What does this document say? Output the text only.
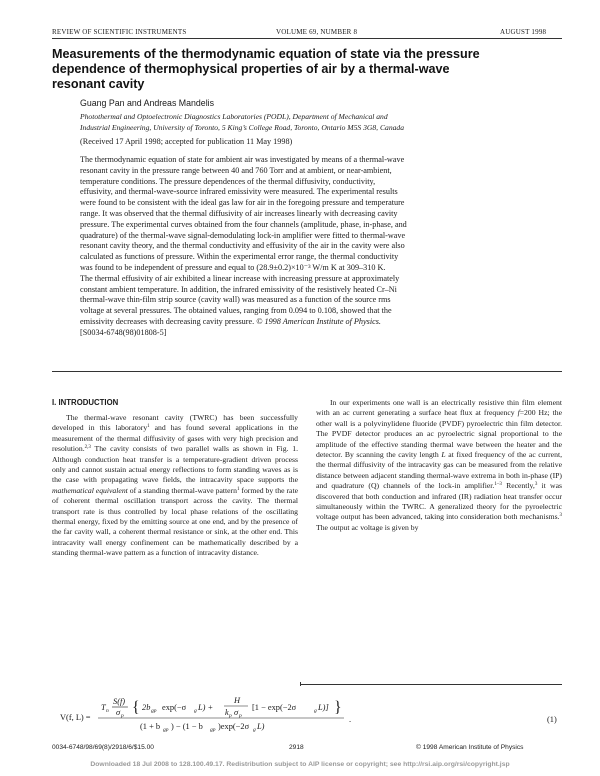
REVIEW OF SCIENTIFIC INSTRUMENTS	VOLUME 69, NUMBER 8	AUGUST 1998
Measurements of the thermodynamic equation of state via the pressure
dependence of thermophysical properties of air by a thermal-wave
resonant cavity
Guang Pan and Andreas Mandelis
Photothermal and Optoelectronic Diagnostics Laboratories (PODL), Department of Mechanical and
Industrial Engineering, University of Toronto, 5 King’s College Road, Toronto, Ontario M5S 3G8, Canada
(Received 17 April 1998; accepted for publication 11 May 1998)
The thermodynamic equation of state for ambient air was investigated by means of a thermal-wave
resonant cavity in the pressure range between 40 and 760 Torr and at ambient, or near-ambient,
temperature conditions. The pressure dependences of the thermal diffusivity, conductivity,
effusivity, and thermal-wave-source infrared emissivity were measured. The experimental results
were found to be consistent with the ideal gas law for air in the foregoing pressure and temperature
range. It was observed that the thermal diffusivity of air increases linearly with decreasing cavity
pressure. The experimental curves obtained from the four channels (amplitude, phase, in-phase, and
quadrature) of the thermal-wave signal-demodulating lock-in amplifier were fitted to thermal-wave
resonant cavity theory, and the thermal conductivity and effusivity of the air in the cavity were also
calculated as functions of pressure. Within the experimental error range, the thermal conductivity
was found to be independent of pressure and equal to (28.9±0.2)×10⁻³ W/m K at 309–310 K.
The thermal effusivity of air exhibited a linear increase with increasing pressure at approximately
constant ambient temperature. In addition, the infrared emissivity of the resistively heated Cr–Ni
thermal-wave thin-film strip source (cavity wall) was measured as a function of the source rms
voltage at several pressures. The obtained values, ranging from 0.094 to 0.108, showed that the
emissivity decreases with decreasing cavity pressure. © 1998 American Institute of Physics.
[S0034-6748(98)01808-5]
I. INTRODUCTION

The thermal-wave resonant cavity (TWRC) has been successfully developed in this laboratory$^1$ and has found several applications in the measurement of the thermal diffusivity of gases with very high precision and resolution.$^{2,3}$ The cavity consists of two parallel walls as shown in Fig. 1. Although conduction heat transfer is a temperature-gradient driven process only and cannot sustain actual energy reflections to form standing waves as is the case with propagating wave fields, the intracavity space supports the mathematical equivalent of a standing thermal-wave pattern$^1$ formed by the rate of coherent thermal oscillation transport across the cavity. The thermal transport rate is thus controlled by local phase relations of the oscillating thermal energy, fixed by the emitting source at one end, and by the presence of the far cavity wall, a coherent thermal resistance or sink, at the other end. This intracavity wall energy confinement can be mathematically described by a standing thermal-wave pattern as a function of intracavity distance.

In our experiments one wall is an electrically resistive thin film element with an ac current generating a surface heat flux at frequency f=200 Hz; the other wall is a polyvinylidene fluoride (PVDF) pyroelectric thin film detector. The PVDF detector produces an ac pyroelectric signal proportional to the amplitude of the effective standing thermal wave between the heater and the detector. By scanning the cavity length L at fixed frequency of the ac current, the thermal diffusivity of the intracavity gas can be measured from the relative distance between adjacent standing thermal-wave extrema in both in-phase (IP) and quadrature (Q) channels of the lock-in amplifier.$^{1-3}$ Recently,$^3$ it was discovered that both conduction and infrared (IR) radiation heat transfer occur simultaneously within the TWRC. A generalized theory for the pyroelectric voltage output has been advanced, taking into consideration both mechanisms.$^3$ The output ac voltage is given by

V(f, L) =
T n
S(f)
σ p { 2b gp exp(−σ g L) +
H
k p σ p
[1 − exp(−2σ	g L)] }
(1 + b gp ) − (1 − b gp )exp(−2σ g L)
.	(1)
0034-6748/98/69(8)/2918/6/$15.00	2918	© 1998 American Institute of Physics
Downloaded 18 Jul 2008 to 128.100.49.17. Redistribution subject to AIP license or copyright; see http://rsi.aip.org/rsi/copyright.jsp
